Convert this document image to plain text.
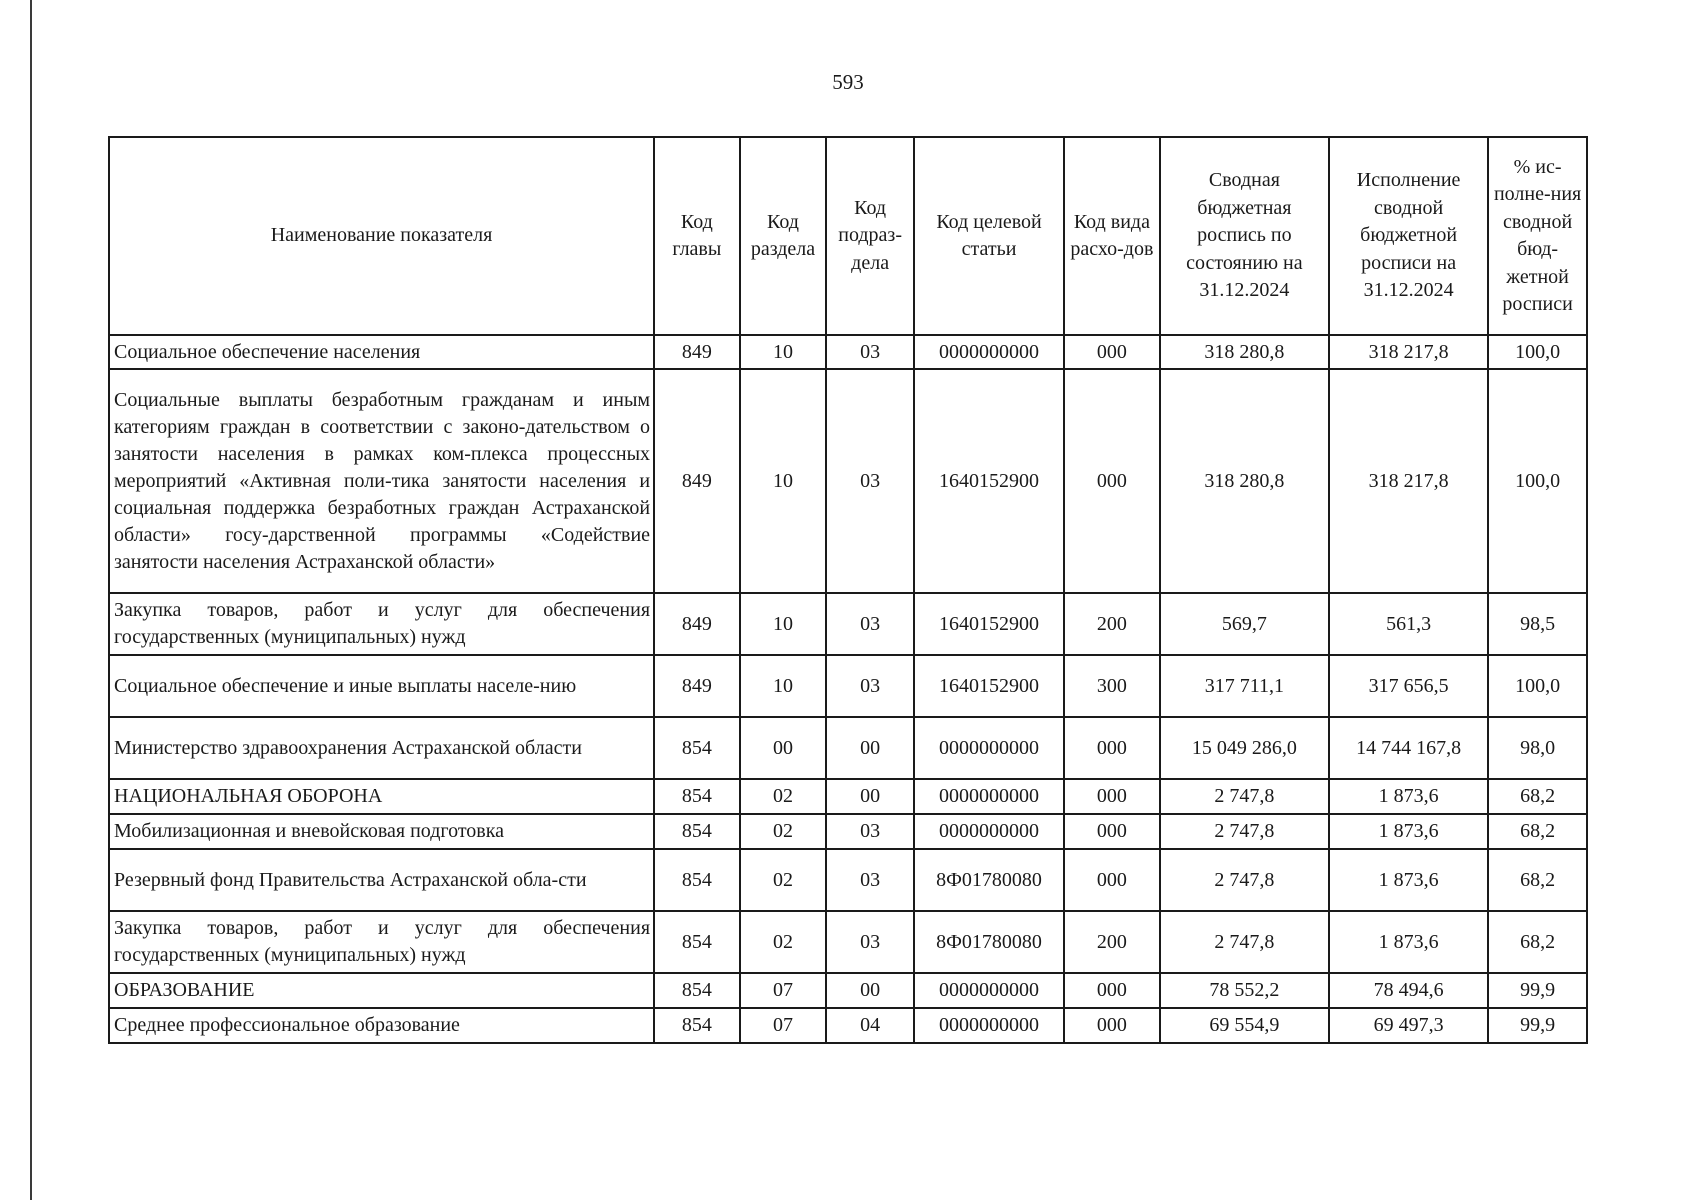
593
Наименование показателя	Код главы	Код раздела	Код подраз-дела	Код целевой статьи	Код вида расхо-дов	Сводная бюджетная роспись по состоянию на 31.12.2024	Исполнение сводной бюджетной росписи на 31.12.2024	% ис-полне-ния сводной бюд-жетной росписи
Социальное обеспечение населения	849	10	03	0000000000	000	318 280,8	318 217,8	100,0
Социальные выплаты безработным гражданам и иным категориям граждан в соответствии с законо-дательством о занятости населения в рамках ком-плекса процессных мероприятий «Активная поли-тика занятости населения и социальная поддержка безработных граждан Астраханской области» госу-дарственной программы «Содействие занятости населения Астраханской области»	849	10	03	1640152900	000	318 280,8	318 217,8	100,0
Закупка товаров, работ и услуг для обеспечения государственных (муниципальных) нужд	849	10	03	1640152900	200	569,7	561,3	98,5
Социальное обеспечение и иные выплаты населе-нию	849	10	03	1640152900	300	317 711,1	317 656,5	100,0
Министерство здравоохранения Астраханской области	854	00	00	0000000000	000	15 049 286,0	14 744 167,8	98,0
НАЦИОНАЛЬНАЯ ОБОРОНА	854	02	00	0000000000	000	2 747,8	1 873,6	68,2
Мобилизационная и вневойсковая подготовка	854	02	03	0000000000	000	2 747,8	1 873,6	68,2
Резервный фонд Правительства Астраханской обла-сти	854	02	03	8Ф01780080	000	2 747,8	1 873,6	68,2
Закупка товаров, работ и услуг для обеспечения государственных (муниципальных) нужд	854	02	03	8Ф01780080	200	2 747,8	1 873,6	68,2
ОБРАЗОВАНИЕ	854	07	00	0000000000	000	78 552,2	78 494,6	99,9
Среднее профессиональное образование	854	07	04	0000000000	000	69 554,9	69 497,3	99,9
